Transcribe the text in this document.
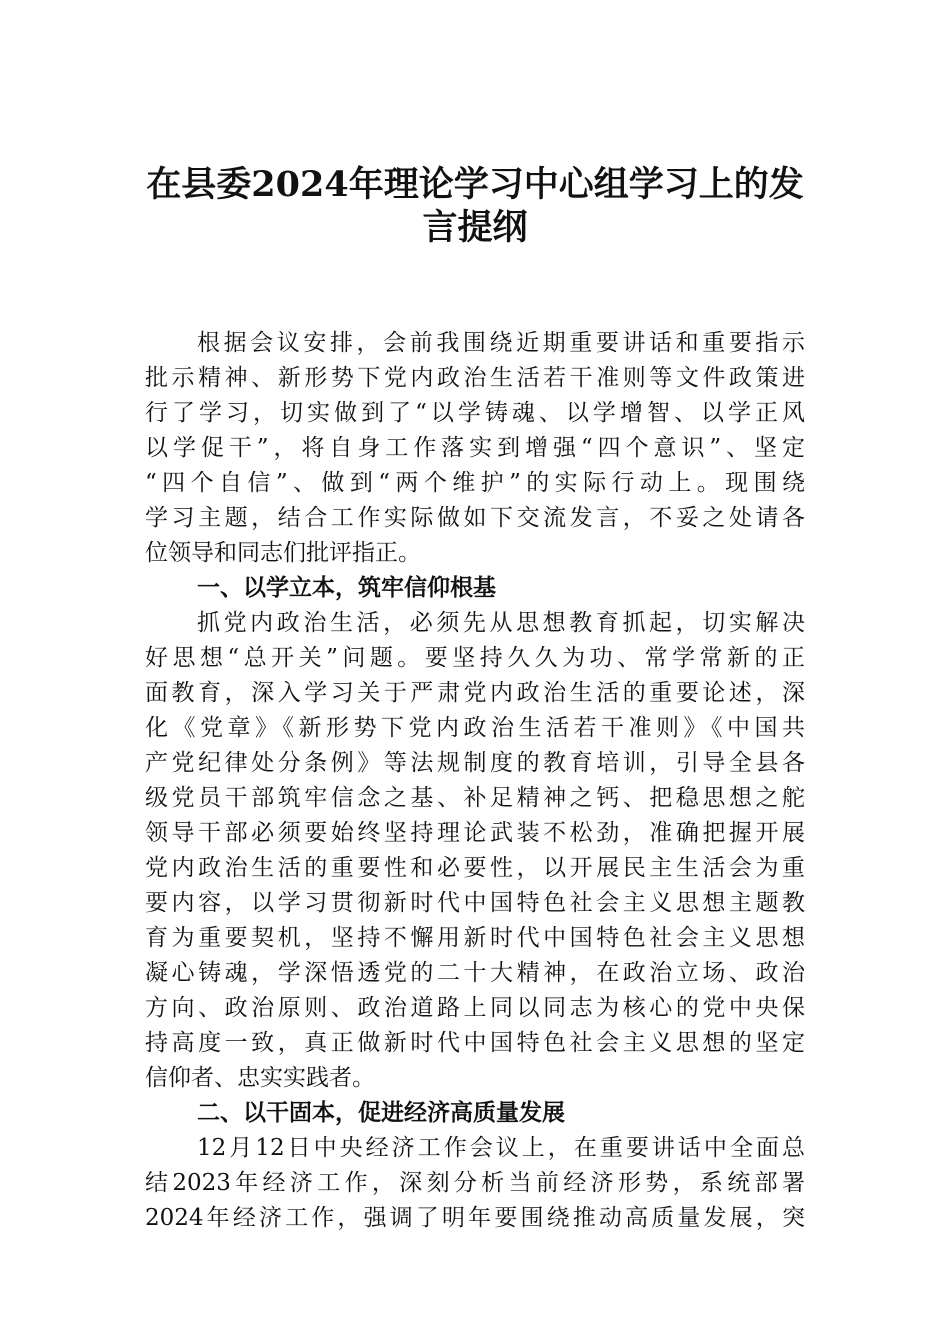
在县委2024年理论学习中心组学习上的发
言提纲
根据会议安排，会前我围绕近期重要讲话和重要指示
批示精神、新形势下党内政治生活若干准则等文件政策进
行了学习，切实做到了“以学铸魂、以学增智、以学正风
以学促干”，将自身工作落实到增强“四个意识”、坚定
“四个自信”、做到“两个维护”的实际行动上。现围绕
学习主题，结合工作实际做如下交流发言，不妥之处请各
位领导和同志们批评指正。
一、以学立本，筑牢信仰根基
抓党内政治生活，必须先从思想教育抓起，切实解决
好思想“总开关”问题。要坚持久久为功、常学常新的正
面教育，深入学习关于严肃党内政治生活的重要论述，深
化《党章》《新形势下党内政治生活若干准则》《中国共
产党纪律处分条例》等法规制度的教育培训，引导全县各
级党员干部筑牢信念之基、补足精神之钙、把稳思想之舵
领导干部必须要始终坚持理论武装不松劲，准确把握开展
党内政治生活的重要性和必要性，以开展民主生活会为重
要内容，以学习贯彻新时代中国特色社会主义思想主题教
育为重要契机，坚持不懈用新时代中国特色社会主义思想
凝心铸魂，学深悟透党的二十大精神，在政治立场、政治
方向、政治原则、政治道路上同以同志为核心的党中央保
持高度一致，真正做新时代中国特色社会主义思想的坚定
信仰者、忠实实践者。
二、以干固本，促进经济高质量发展
12月12日中央经济工作会议上，在重要讲话中全面总
结2023年经济工作，深刻分析当前经济形势，系统部署
2024年经济工作，强调了明年要围绕推动高质量发展，突
